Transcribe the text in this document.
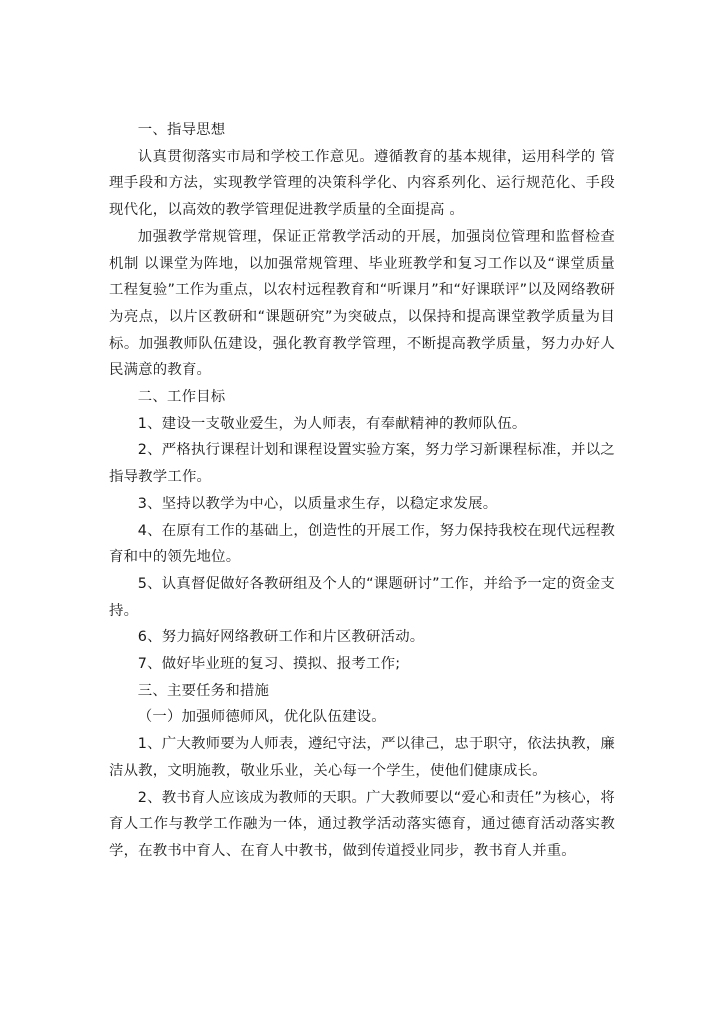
一、指导思想

认真贯彻落实市局和学校工作意见。遵循教育的基本规律，运用科学的 管理手段和方法，实现教学管理的决策科学化、内容系列化、运行规范化、手段现代化，以高效的教学管理促进教学质量的全面提高 。

加强教学常规管理，保证正常教学活动的开展，加强岗位管理和监督检查机制 以课堂为阵地，以加强常规管理、毕业班教学和复习工作以及“课堂质量工程复验”工作为重点，以农村远程教育和“听课月”和“好课联评”以及网络教研为亮点，以片区教研和“课题研究”为突破点，以保持和提高课堂教学质量为目标。加强教师队伍建设，强化教育教学管理，不断提高教学质量，努力办好人民满意的教育。

二、工作目标

1、建设一支敬业爱生，为人师表，有奉献精神的教师队伍。

2、严格执行课程计划和课程设置实验方案，努力学习新课程标准，并以之指导教学工作。

3、坚持以教学为中心，以质量求生存，以稳定求发展。

4、在原有工作的基础上，创造性的开展工作，努力保持我校在现代远程教育和中的领先地位。

5、认真督促做好各教研组及个人的“课题研讨”工作，并给予一定的资金支持。

6、努力搞好网络教研工作和片区教研活动。

7、做好毕业班的复习、摸拟、报考工作;

三、主要任务和措施

（一）加强师德师风，优化队伍建设。

1、广大教师要为人师表，遵纪守法，严以律己，忠于职守，依法执教，廉洁从教，文明施教，敬业乐业，关心每一个学生，使他们健康成长。

2、教书育人应该成为教师的天职。广大教师要以“爱心和责任”为核心，将育人工作与教学工作融为一体，通过教学活动落实德育，通过德育活动落实教学，在教书中育人、在育人中教书，做到传道授业同步，教书育人并重。
